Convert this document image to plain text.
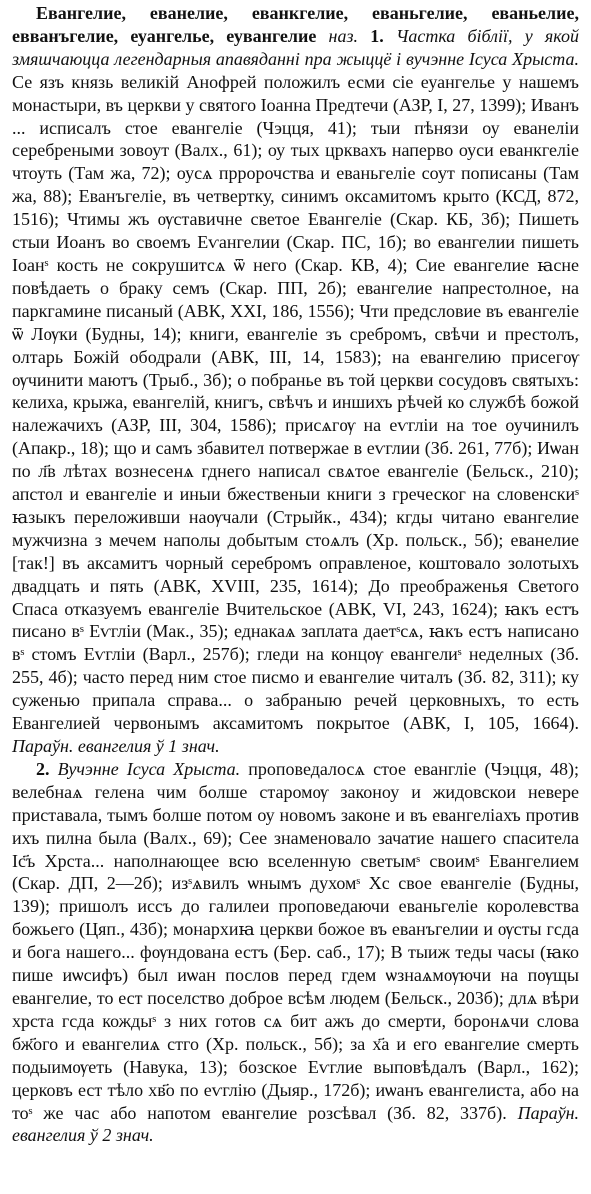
Евангелие, еванелие, еванкгелие, еваньгелие, еваньелие, евванъгелие, еуангелье, еувангелие наз. 1. Частка біблії, у якой змяшчаюцца легендарныя апавяданні пра жыццё і вучэнне Ісуса Хрыста. Се язъ князь великій Анофрей положилъ есми сіе еуангелье у нашемъ монастыри, въ церкви у святого Іоанна Предтечи (АЗР, І, 27, 1399); Иванъ ... исписалъ стое евангеліе (Чэцця, 41); тыи пѣнязи оу еванеліи серебреными зовоут (Валх., 61); оу тых црквахъ наперво оуси еванкгеліе чтоуть (Там жа, 72); оусѧ прророчства и еваньгеліе соут пописаны (Там жа, 88); Еванъгеліе, въ четвертку, синимъ оксамитомъ крыто (КСД, 872, 1516); Чтимы жъ ѹставичне светое Евангеліе (Скар. КБ, 3б); Пишеть стыи Иоанъ во своемъ Еѵангелии (Скар. ПС, 1б); во евангелии пишеть Іоанˢ кость не сокрушитсѧ ѿ него (Скар. КВ, 4); Сие евангелие ꙗсне повѣдаеть о браку семъ (Скар. ПП, 2б); евангелие напрестолное, на паркгамине писаный (АВК, XXI, 186, 1556); Чти предсловие въ евангеліе ѿ Лѹки (Будны, 14); книги, евангеліе зъ сребромъ, свѣчи и престолъ, олтарь Божій ободрали (АВК, ІІІ, 14, 1583); на евангелию присегѹ ѹчинити маютъ (Трыб., 3б); о побранье въ той церкви сосудовъ святыхъ: келиха, крыжа, евангелій, книгъ, свѣчъ и иншихъ рѣчей ко службѣ божой належачихъ (АЗР, ІІІ, 304, 1586); присѧгѹ на еѵгліи на тое оучинилъ (Апакр., 18); що и самъ збавител потвержае в еѵглии (Зб. 261, 77б); Иѡан по л҃в лѣтах вознесенѧ гднего написал свѧтое евангеліе (Бельск., 210); апстол и евангеліе и иныи бжественыи книги з греческог на словенскиˢ ꙗзыкъ переложивши наѹчали (Стрыйк., 434); кгды читано евангелие мужчизна з мечем наполы добытым стоѧлъ (Хр. польск., 5б); еванелие [так!] въ аксамитъ чорный серебромъ оправленое, коштовало золотыхъ двадцать и пять (АВК, XVIII, 235, 1614); До преображенья Светого Спаса отказуемъ евангеліе Вчительское (АВК, VІ, 243, 1624); ꙗкъ естъ писано вˢ Еѵгліи (Мак., 35); еднакаѧ заплата даетˢсѧ, ꙗкъ естъ написано вˢ стомъ Еѵгліи (Варл., 257б); гледи на концѹ евангелиˢ неделных (Зб. 255, 4б); часто перед ним стое писмо и евангелие читалъ (Зб. 82, 311); ку суженью припала справа... о забраныю речей церковныхъ, то есть Евангелией червонымъ аксамитомъ покрытое (АВК, І, 105, 1664). Параўн. евангелия ў 1 знач.

2. Вучэнне Ісуса Хрыста. проповедалосѧ стое евангліе (Чэцця, 48); велебнаѧ гелена чим болше старомѹ законоу и жидовскои невере приставала, тымъ болше потом оу новомъ законе и въ евангеліахъ против ихъ пилна была (Валх., 69); Сее знаменовало зачатие нашего спаситела Іс҃ъ Хрста... наполнающее всю вселенную светымˢ своимˢ Евангелием (Скар. ДП, 2—2б); изˢѧвилъ ѡнымъ духомˢ Хс свое евангеліе (Будны, 139); пришолъ иссъ до галилеи проповедаючи еваньгеліе королевства божьего (Цяп., 43б); монархиꙗ церкви божое въ еванъгелии и ѹсты гсда и бога нашего... фѹндована естъ (Бер. саб., 17); В тыиж теды часы (ꙗко пише иѡсифъ) был иѡан послов перед гдем ѡзнаѧмѹючи на пѹщы евангелие, то ест поселство доброе всѣм людем (Бельск., 203б); длѧ вѣри хрста гсда кождыˢ з них готов сѧ бит ажъ до смерти, боронѧчи слова бж҃ого и евангелиѧ стго (Хр. польск., 5б); за х҃а и его евангелие смерть подыимѹеть (Навука, 13); бозское Еѵглие выповѣдалъ (Варл., 162); церковъ ест тѣло хв҃о по еѵглію (Дыяр., 172б); иѡанъ евангелиста, або на тоˢ же час або напотом евангелие розсѣвал (Зб. 82, 337б). Параўн. евангелия ў 2 знач.
